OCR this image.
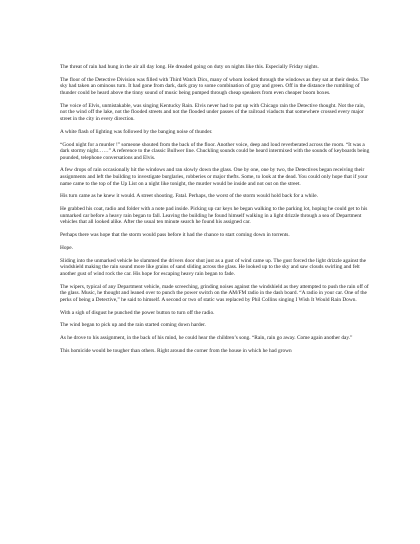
The threat of rain had hung in the air all day long. He dreaded going on duty on nights like this. Especially Friday nights.

The floor of the Detective Division was filled with Third Watch Dics, many of whom looked through the windows as they sat at their desks. The sky had taken an ominous turn. It had gone from dark, dark gray to some combination of gray and green. Off in the distance the rumbling of thunder could be heard above the tinny sound of music being pumped through cheap speakers from even cheaper boom boxes.

The voice of Elvis, unmistakable, was singing Kentucky Rain. Elvis never had to put up with Chicago rain the Detective thought. Not the rain, not the wind off the lake, not the flooded streets and not the flooded under passes of the railroad viaducts that somewhere crossed every major street in the city in every direction.

A white flash of lighting was followed by the banging noise of thunder.

“Good night for a murder !” someone shouted from the back of the floor. Another voice, deep and loud reverberated across the room. “It was a dark stormy night……” A reference to the classic Bullwer line. Chuckling sounds could be heard intermixed with the sounds of keyboards being pounded, telephone conversations and Elvis.

A few drops of rain occasionally hit the windows and ran slowly down the glass. One by one, one by two, the Detectives began receiving their assignments and left the building to investigate burglaries, robberies or major thefts. Some, to look at the dead. You could only hope that if your name came to the top of the Up List on a night like tonight, the murder would be inside and not out on the street.

His turn came as he knew it would. A street shooting. Fatal. Perhaps, the worst of the storm would hold back for a while.

He grabbed his coat, radio and folder with a note pad inside. Picking up car keys he began walking to the parking lot, hoping he could get to his unmarked car before a heavy rain began to fall. Leaving the building he found himself walking in a light drizzle through a sea of Department vehicles that all looked alike. After the usual ten minute search he found his assigned car.

Perhaps there was hope that the storm would pass before it had the chance to start coming down in torrents.

Hope.

Sliding into the unmarked vehicle he slammed the drivers door shut just as a gust of wind came up. The gust forced the light drizzle against the windshield making the rain sound more like grains of sand sliding across the glass. He looked up to the sky and saw clouds swirling and felt another gust of wind rock the car. His hope for escaping heavy rain began to fade.

The wipers, typical of any Department vehicle, made screeching, grinding noises against the windshield as they attempted to push the rain off of the glass. Music, he thought and leaned over to punch the power switch on the AM/FM radio in the dash board. “A radio in your car. One of the perks of being a Detective,” he said to himself. A second or two of static was replaced by Phil Collins singing I Wish It Would Rain Down.

With a sigh of disgust he punched the power button to turn off the radio.

The wind began to pick up and the rain started coming down harder.

As he drove to his assignment, in the back of his mind, he could hear the children’s song. “Rain, rain go away. Come again another day.”

This homicide would be tougher than others. Right around the corner from the house in which he had grown
